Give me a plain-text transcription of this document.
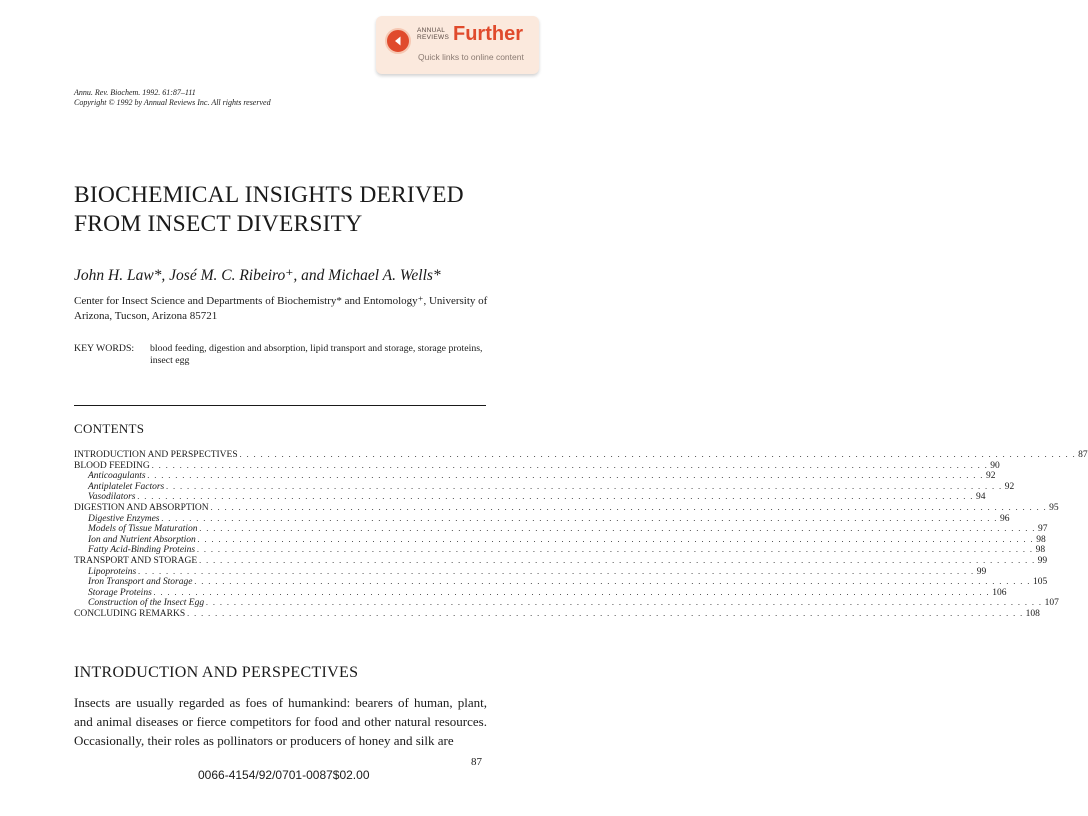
ANNUAL
REVIEWS Further
Quick links to online content
Annu. Rev. Biochem. 1992. 61:87–111
Copyright © 1992 by Annual Reviews Inc. All rights reserved
BIOCHEMICAL INSIGHTS DERIVED
FROM INSECT DIVERSITY
John H. Law*, José M. C. Ribeiro⁺, and Michael A. Wells*
Center for Insect Science and Departments of Biochemistry* and Entomology⁺, University of Arizona, Tucson, Arizona 85721
KEY WORDS:	blood feeding, digestion and absorption, lipid transport and storage, storage proteins, insect egg
CONTENTS
INTRODUCTION AND PERSPECTIVES . . . . . . . . . . . . . . . . . . . . . . . . . . . . . . . . . . . . . . . . . . . . . . . . . . . . . . . . . . . . . . . . . . . . . . . . . . . . . . . . . . . . . . . . . . . . . . . . . . . . . . . . . . . . . . . . . . . . . . . . 87
BLOOD FEEDING . . . . . . . . . . . . . . . . . . . . . . . . . . . . . . . . . . . . . . . . . . . . . . . . . . . . . . . . . . . . . . . . . . . . . . . . . . . . . . . . . . . . . . . . . . . . . . . . . . . . . . . . . . . . . . . . . . . . . . . . 90
Anticoagulants . . . . . . . . . . . . . . . . . . . . . . . . . . . . . . . . . . . . . . . . . . . . . . . . . . . . . . . . . . . . . . . . . . . . . . . . . . . . . . . . . . . . . . . . . . . . . . . . . . . . . . . . . . . . . . . . . . . . . . . . 92
Antiplatelet Factors . . . . . . . . . . . . . . . . . . . . . . . . . . . . . . . . . . . . . . . . . . . . . . . . . . . . . . . . . . . . . . . . . . . . . . . . . . . . . . . . . . . . . . . . . . . . . . . . . . . . . . . . . . . . . . . . . . . . . . . . 92
Vasodilators . . . . . . . . . . . . . . . . . . . . . . . . . . . . . . . . . . . . . . . . . . . . . . . . . . . . . . . . . . . . . . . . . . . . . . . . . . . . . . . . . . . . . . . . . . . . . . . . . . . . . . . . . . . . . . . . . . . . . . . . 94
DIGESTION AND ABSORPTION . . . . . . . . . . . . . . . . . . . . . . . . . . . . . . . . . . . . . . . . . . . . . . . . . . . . . . . . . . . . . . . . . . . . . . . . . . . . . . . . . . . . . . . . . . . . . . . . . . . . . . . . . . . . . . . . . . . . . . . . 95
Digestive Enzymes . . . . . . . . . . . . . . . . . . . . . . . . . . . . . . . . . . . . . . . . . . . . . . . . . . . . . . . . . . . . . . . . . . . . . . . . . . . . . . . . . . . . . . . . . . . . . . . . . . . . . . . . . . . . . . . . . . . . . . . . 96
Models of Tissue Maturation . . . . . . . . . . . . . . . . . . . . . . . . . . . . . . . . . . . . . . . . . . . . . . . . . . . . . . . . . . . . . . . . . . . . . . . . . . . . . . . . . . . . . . . . . . . . . . . . . . . . . . . . . . . . . . . . . . . . . . . . 97
Ion and Nutrient Absorption . . . . . . . . . . . . . . . . . . . . . . . . . . . . . . . . . . . . . . . . . . . . . . . . . . . . . . . . . . . . . . . . . . . . . . . . . . . . . . . . . . . . . . . . . . . . . . . . . . . . . . . . . . . . . . . . . . . . . . . . 98
Fatty Acid-Binding Proteins . . . . . . . . . . . . . . . . . . . . . . . . . . . . . . . . . . . . . . . . . . . . . . . . . . . . . . . . . . . . . . . . . . . . . . . . . . . . . . . . . . . . . . . . . . . . . . . . . . . . . . . . . . . . . . . . . . . . . . . . 98
TRANSPORT AND STORAGE . . . . . . . . . . . . . . . . . . . . . . . . . . . . . . . . . . . . . . . . . . . . . . . . . . . . . . . . . . . . . . . . . . . . . . . . . . . . . . . . . . . . . . . . . . . . . . . . . . . . . . . . . . . . . . . . . . . . . . . . 99
Lipoproteins . . . . . . . . . . . . . . . . . . . . . . . . . . . . . . . . . . . . . . . . . . . . . . . . . . . . . . . . . . . . . . . . . . . . . . . . . . . . . . . . . . . . . . . . . . . . . . . . . . . . . . . . . . . . . . . . . . . . . . . . 99
Iron Transport and Storage . . . . . . . . . . . . . . . . . . . . . . . . . . . . . . . . . . . . . . . . . . . . . . . . . . . . . . . . . . . . . . . . . . . . . . . . . . . . . . . . . . . . . . . . . . . . . . . . . . . . . . . . . . . . . . . . . . . . . . . . 105
Storage Proteins . . . . . . . . . . . . . . . . . . . . . . . . . . . . . . . . . . . . . . . . . . . . . . . . . . . . . . . . . . . . . . . . . . . . . . . . . . . . . . . . . . . . . . . . . . . . . . . . . . . . . . . . . . . . . . . . . . . . . . . . 106
Construction of the Insect Egg . . . . . . . . . . . . . . . . . . . . . . . . . . . . . . . . . . . . . . . . . . . . . . . . . . . . . . . . . . . . . . . . . . . . . . . . . . . . . . . . . . . . . . . . . . . . . . . . . . . . . . . . . . . . . . . . . . . . . . . . 107
CONCLUDING REMARKS . . . . . . . . . . . . . . . . . . . . . . . . . . . . . . . . . . . . . . . . . . . . . . . . . . . . . . . . . . . . . . . . . . . . . . . . . . . . . . . . . . . . . . . . . . . . . . . . . . . . . . . . . . . . . . . . . . . . . . . . 108
INTRODUCTION AND PERSPECTIVES
Insects are usually regarded as foes of humankind: bearers of human, plant, and animal diseases or fierce competitors for food and other natural resources. Occasionally, their roles as pollinators or producers of honey and silk are
87
0066-4154/92/0701-0087$02.00
